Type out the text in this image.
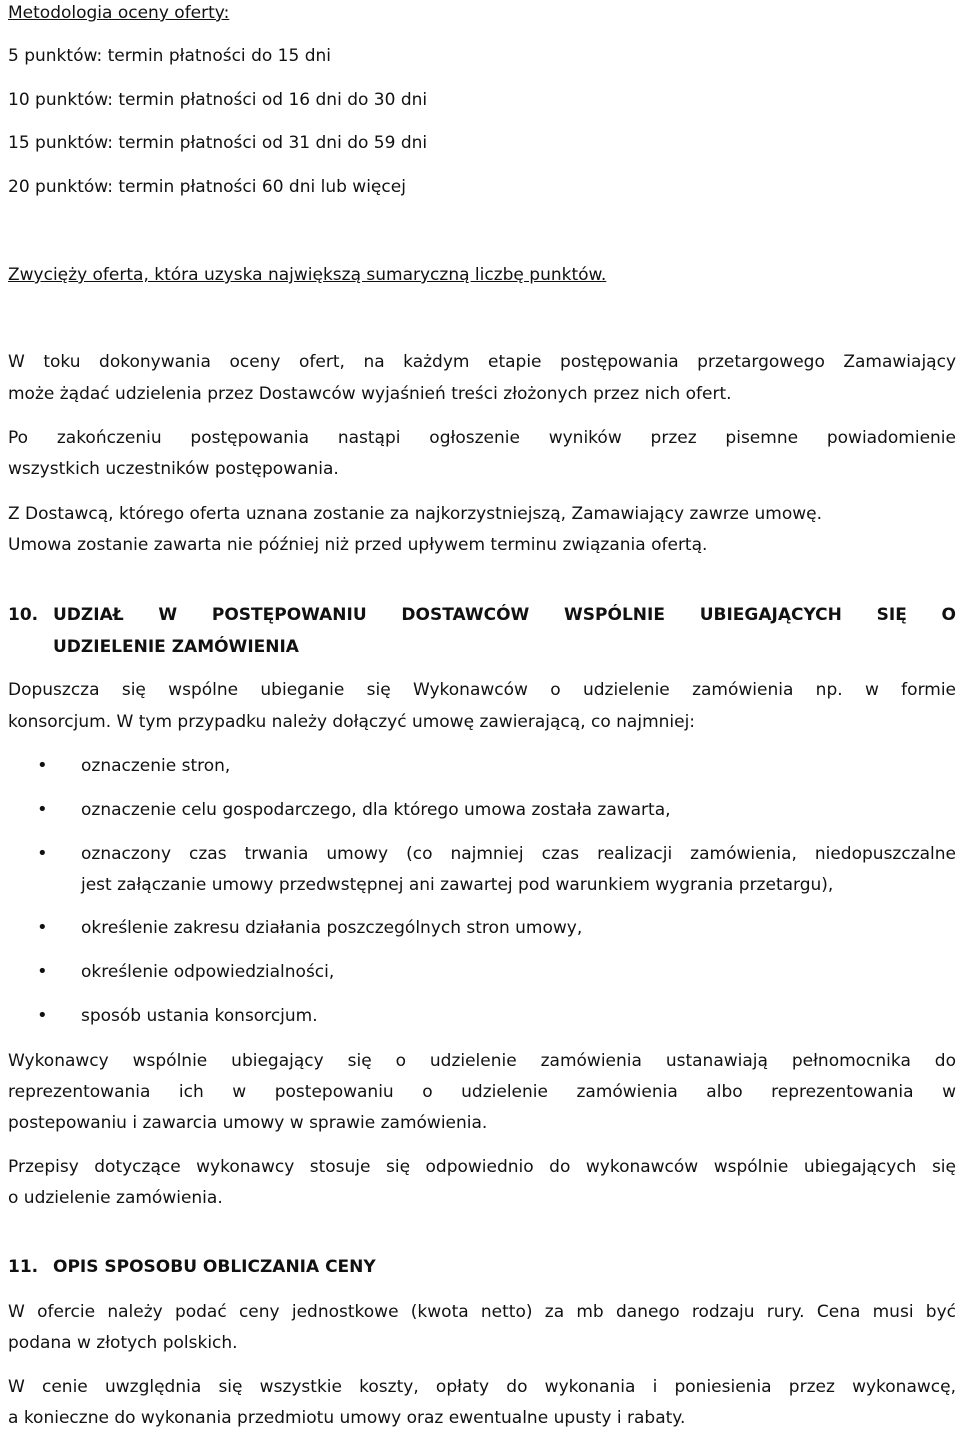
Metodologia oceny oferty:
5 punktów: termin płatności do 15 dni
10 punktów: termin płatności od 16 dni do 30 dni
15 punktów: termin płatności od 31 dni do 59 dni
20 punktów: termin płatności 60 dni lub więcej
Zwycięży oferta, która uzyska największą sumaryczną liczbę punktów.
W toku dokonywania oceny ofert, na każdym etapie postępowania przetargowego Zamawiający
może żądać udzielenia przez Dostawców wyjaśnień treści złożonych przez nich ofert.
Po zakończeniu postępowania nastąpi ogłoszenie wyników przez pisemne powiadomienie
wszystkich uczestników postępowania.
Z Dostawcą, którego oferta uznana zostanie za najkorzystniejszą, Zamawiający zawrze umowę.
Umowa zostanie zawarta nie później niż przed upływem terminu związania ofertą.
10. UDZIAŁ W POSTĘPOWANIU DOSTAWCÓW WSPÓLNIE UBIEGAJĄCYCH SIĘ O
UDZIELENIE ZAMÓWIENIA
Dopuszcza się wspólne ubieganie się Wykonawców o udzielenie zamówienia np. w formie
konsorcjum. W tym przypadku należy dołączyć umowę zawierającą, co najmniej:
• oznaczenie stron,
• oznaczenie celu gospodarczego, dla którego umowa została zawarta,
• oznaczony czas trwania umowy (co najmniej czas realizacji zamówienia, niedopuszczalne
jest załączanie umowy przedwstępnej ani zawartej pod warunkiem wygrania przetargu),
• określenie zakresu działania poszczególnych stron umowy,
• określenie odpowiedzialności,
• sposób ustania konsorcjum.
Wykonawcy wspólnie ubiegający się o udzielenie zamówienia ustanawiają pełnomocnika do
reprezentowania ich w postepowaniu o udzielenie zamówienia albo reprezentowania w
postepowaniu i zawarcia umowy w sprawie zamówienia.
Przepisy dotyczące wykonawcy stosuje się odpowiednio do wykonawców wspólnie ubiegających się
o udzielenie zamówienia.
11. OPIS SPOSOBU OBLICZANIA CENY
W ofercie należy podać ceny jednostkowe (kwota netto) za mb danego rodzaju rury. Cena musi być
podana w złotych polskich.
W cenie uwzględnia się wszystkie koszty, opłaty do wykonania i poniesienia przez wykonawcę,
a konieczne do wykonania przedmiotu umowy oraz ewentualne upusty i rabaty.
